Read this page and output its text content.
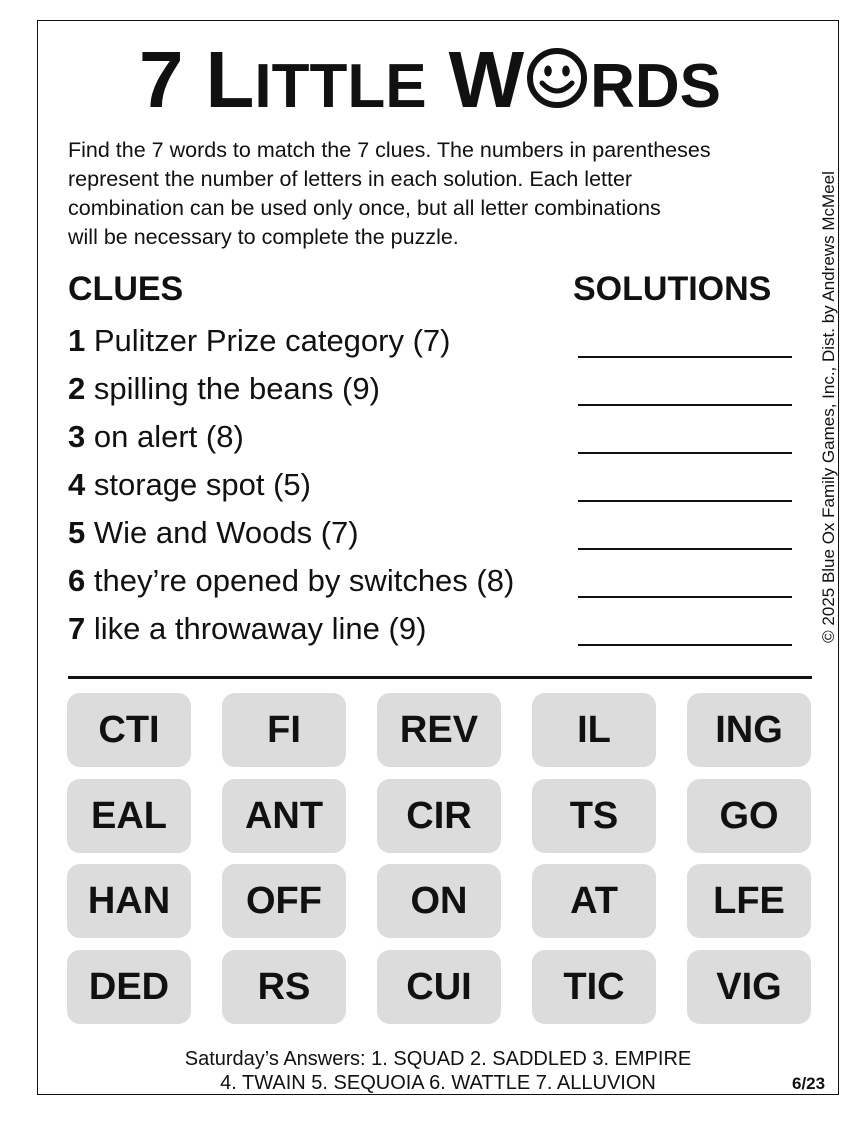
7 LITTLE W RDS
Find the 7 words to match the 7 clues. The numbers in parentheses
represent the number of letters in each solution. Each letter
combination can be used only once, but all letter combinations
will be necessary to complete the puzzle.
CLUES	SOLUTIONS
1 Pulitzer Prize category (7)
2 spilling the beans (9)
3 on alert (8)
4 storage spot (5)
5 Wie and Woods (7)
6 they’re opened by switches (8)
7 like a throwaway line (9)
CTI	FI	REV	IL	ING
EAL	ANT	CIR	TS	GO
HAN	OFF	ON	AT	LFE
DED	RS	CUI	TIC	VIG
Saturday’s Answers: 1. SQUAD 2. SADDLED 3. EMPIRE
4. TWAIN 5. SEQUOIA 6. WATTLE 7. ALLUVION	6/23
© 2025 Blue Ox Family Games, Inc., Dist. by Andrews McMeel
